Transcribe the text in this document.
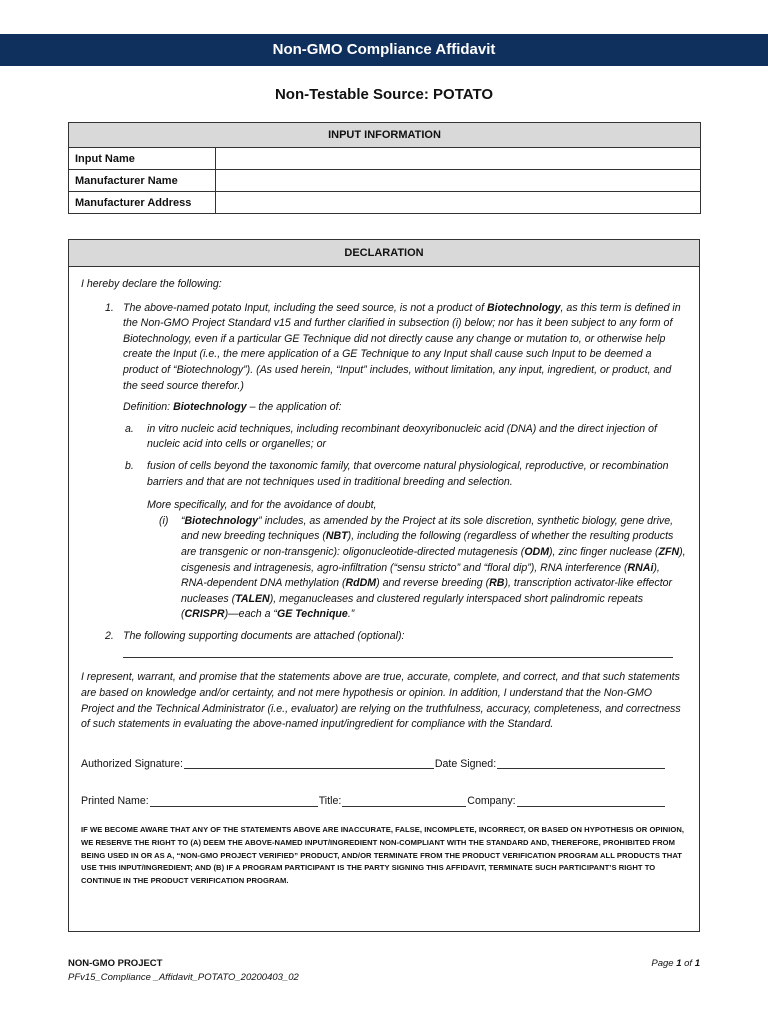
Non-GMO Compliance Affidavit
Non-Testable Source: POTATO
INPUT INFORMATION	
Input Name	
Manufacturer Name	
Manufacturer Address	
DECLARATION

I hereby declare the following:

1. The above-named potato Input, including the seed source, is not a product of Biotechnology, as this term is defined in the Non-GMO Project Standard v15 and further clarified in subsection (i) below; nor has it been subject to any form of Biotechnology, even if a particular GE Technique did not directly cause any change or mutation to, or otherwise help create the Input (i.e., the mere application of a GE Technique to any Input shall cause such Input to be deemed a product of “Biotechnology”). (As used herein, “Input” includes, without limitation, any input, ingredient, or product, and the seed source therefor.)

Definition: Biotechnology – the application of:

a. in vitro nucleic acid techniques, including recombinant deoxyribonucleic acid (DNA) and the direct injection of nucleic acid into cells or organelles; or

b. fusion of cells beyond the taxonomic family, that overcome natural physiological, reproductive, or recombination barriers and that are not techniques used in traditional breeding and selection.

More specifically, and for the avoidance of doubt,

(i) “Biotechnology” includes, as amended by the Project at its sole discretion, synthetic biology, gene drive, and new breeding techniques (NBT), including the following (regardless of whether the resulting products are transgenic or non-transgenic): oligonucleotide-directed mutagenesis (ODM), zinc finger nuclease (ZFN), cisgenesis and intragenesis, agro-infiltration (“sensu stricto” and “floral dip”), RNA interference (RNAi), RNA-dependent DNA methylation (RdDM) and reverse breeding (RB), transcription activator-like effector nucleases (TALEN), meganucleases and clustered regularly interspaced short palindromic repeats (CRISPR)—each a “GE Technique.”

2. The following supporting documents are attached (optional):

I represent, warrant, and promise that the statements above are true, accurate, complete, and correct, and that such statements are based on knowledge and/or certainty, and not mere hypothesis or opinion. In addition, I understand that the Non-GMO Project and the Technical Administrator (i.e., evaluator) are relying on the truthfulness, accuracy, completeness, and correctness of such statements in evaluating the above-named input/ingredient for compliance with the Standard.

Authorized Signature:	Date Signed:
Printed Name:	Title:	Company:

IF WE BECOME AWARE THAT ANY OF THE STATEMENTS ABOVE ARE INACCURATE, FALSE, INCOMPLETE, INCORRECT, OR BASED ON HYPOTHESIS OR OPINION, WE RESERVE THE RIGHT TO (A) DEEM THE ABOVE-NAMED INPUT/INGREDIENT NON-COMPLIANT WITH THE STANDARD AND, THEREFORE, PROHIBITED FROM BEING USED IN OR AS A, “NON-GMO PROJECT VERIFIED” PRODUCT, AND/OR TERMINATE FROM THE PRODUCT VERIFICATION PROGRAM ALL PRODUCTS THAT USE THIS INPUT/INGREDIENT; AND (B) IF A PROGRAM PARTICIPANT IS THE PARTY SIGNING THIS AFFIDAVIT, TERMINATE SUCH PARTICIPANT’S RIGHT TO CONTINUE IN THE PRODUCT VERIFICATION PROGRAM.

NON-GMO PROJECT
PFv15_Compliance _Affidavit_POTATO_20200403_02
Page 1 of 1
